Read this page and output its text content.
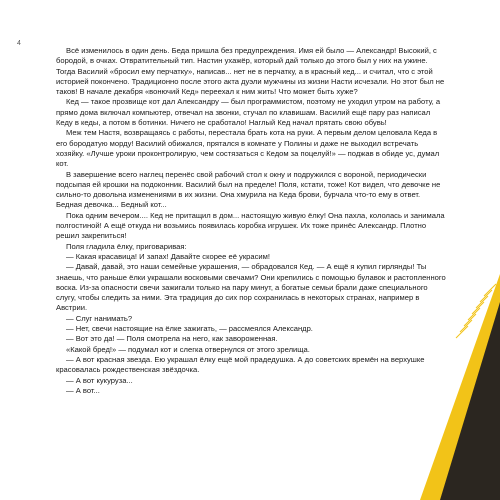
4

Всё изменилось в один день. Беда пришла без предупреждения. Имя ей было — Александр! Высокий, с бородой, в очках. Отвратительный тип. Настин ухажёр, который дай только до этого был у них на ужине. Тогда Василий «бросил ему перчатку», написав... нет не в перчатку, а в красный кед... и считал, что с этой историей покончено. Традиционно после этого акта дуэли мужчины из жизни Насти исчезали. Но этот был не таков! В начале декабря «вонючий Кед» переехал к ним жить! Что может быть хуже?

Кед — такое прозвище кот дал Александру — был программистом, поэтому не уходил утром на работу, а прямо дома включал компьютер, отвечал на звонки, стучал по клавишам. Василий ещё пару раз написал Кеду в кеды, а потом в ботинки. Ничего не сработало! Наглый Кед начал прятать свою обувь!

Меж тем Настя, возвращаясь с работы, перестала брать кота на руки. А первым делом целовала Кеда в его бородатую морду! Василий обижался, прятался в комнате у Полины и даже не выходил встречать хозяйку. «Лучше уроки проконтролирую, чем состязаться с Кедом за поцелуй!» — поджав в обиде ус, думал кот.

В завершение всего наглец перенёс свой рабочий стол к окну и подружился с вороной, периодически подсыпая ей крошки на подоконник. Василий был на пределе! Поля, кстати, тоже! Кот видел, что девочке не сильно-то довольна изменениями в их жизни. Она хмурила на Кеда брови, бурчала что-то ему в ответ. Бедная девочка... Бедный кот...

Пока одним вечером.... Кед не притащил в дом... настоящую живую ёлку! Она пахла, кололась и занимала полгостиной! А ещё откуда ни возьмись появилась коробка игрушек. Их тоже принёс Александр. Плотно решил закрепиться!

Поля гладила ёлку, приговаривая:

— Какая красавица! И запах! Давайте скорее её украсим!

— Давай, давай, это наши семейные украшения, — обрадовался Кед. — А ещё я купил гирлянды! Ты знаешь, что раньше ёлки украшали восковыми свечами? Они крепились с помощью булавок и растопленного воска. Из-за опасности свечи зажигали только на пару минут, а богатые семьи брали даже специального слугу, чтобы следить за ними. Эта традиция до сих пор сохранилась в некоторых странах, например в Австрии.

— Слуг нанимать?

— Нет, свечи настоящие на ёлке зажигать, — рассмеялся Александр.

— Вот это да! — Поля смотрела на него, как завороженная.

«Какой бред!» — подумал кот и слегка отвернулся от этого зрелища.

— А вот красная звезда. Ею украшал ёлку ещё мой прадедушка. А до советских времён на верхушке красовалась рождественская звёздочка.

— А вот кукуруза...

— А вот...
